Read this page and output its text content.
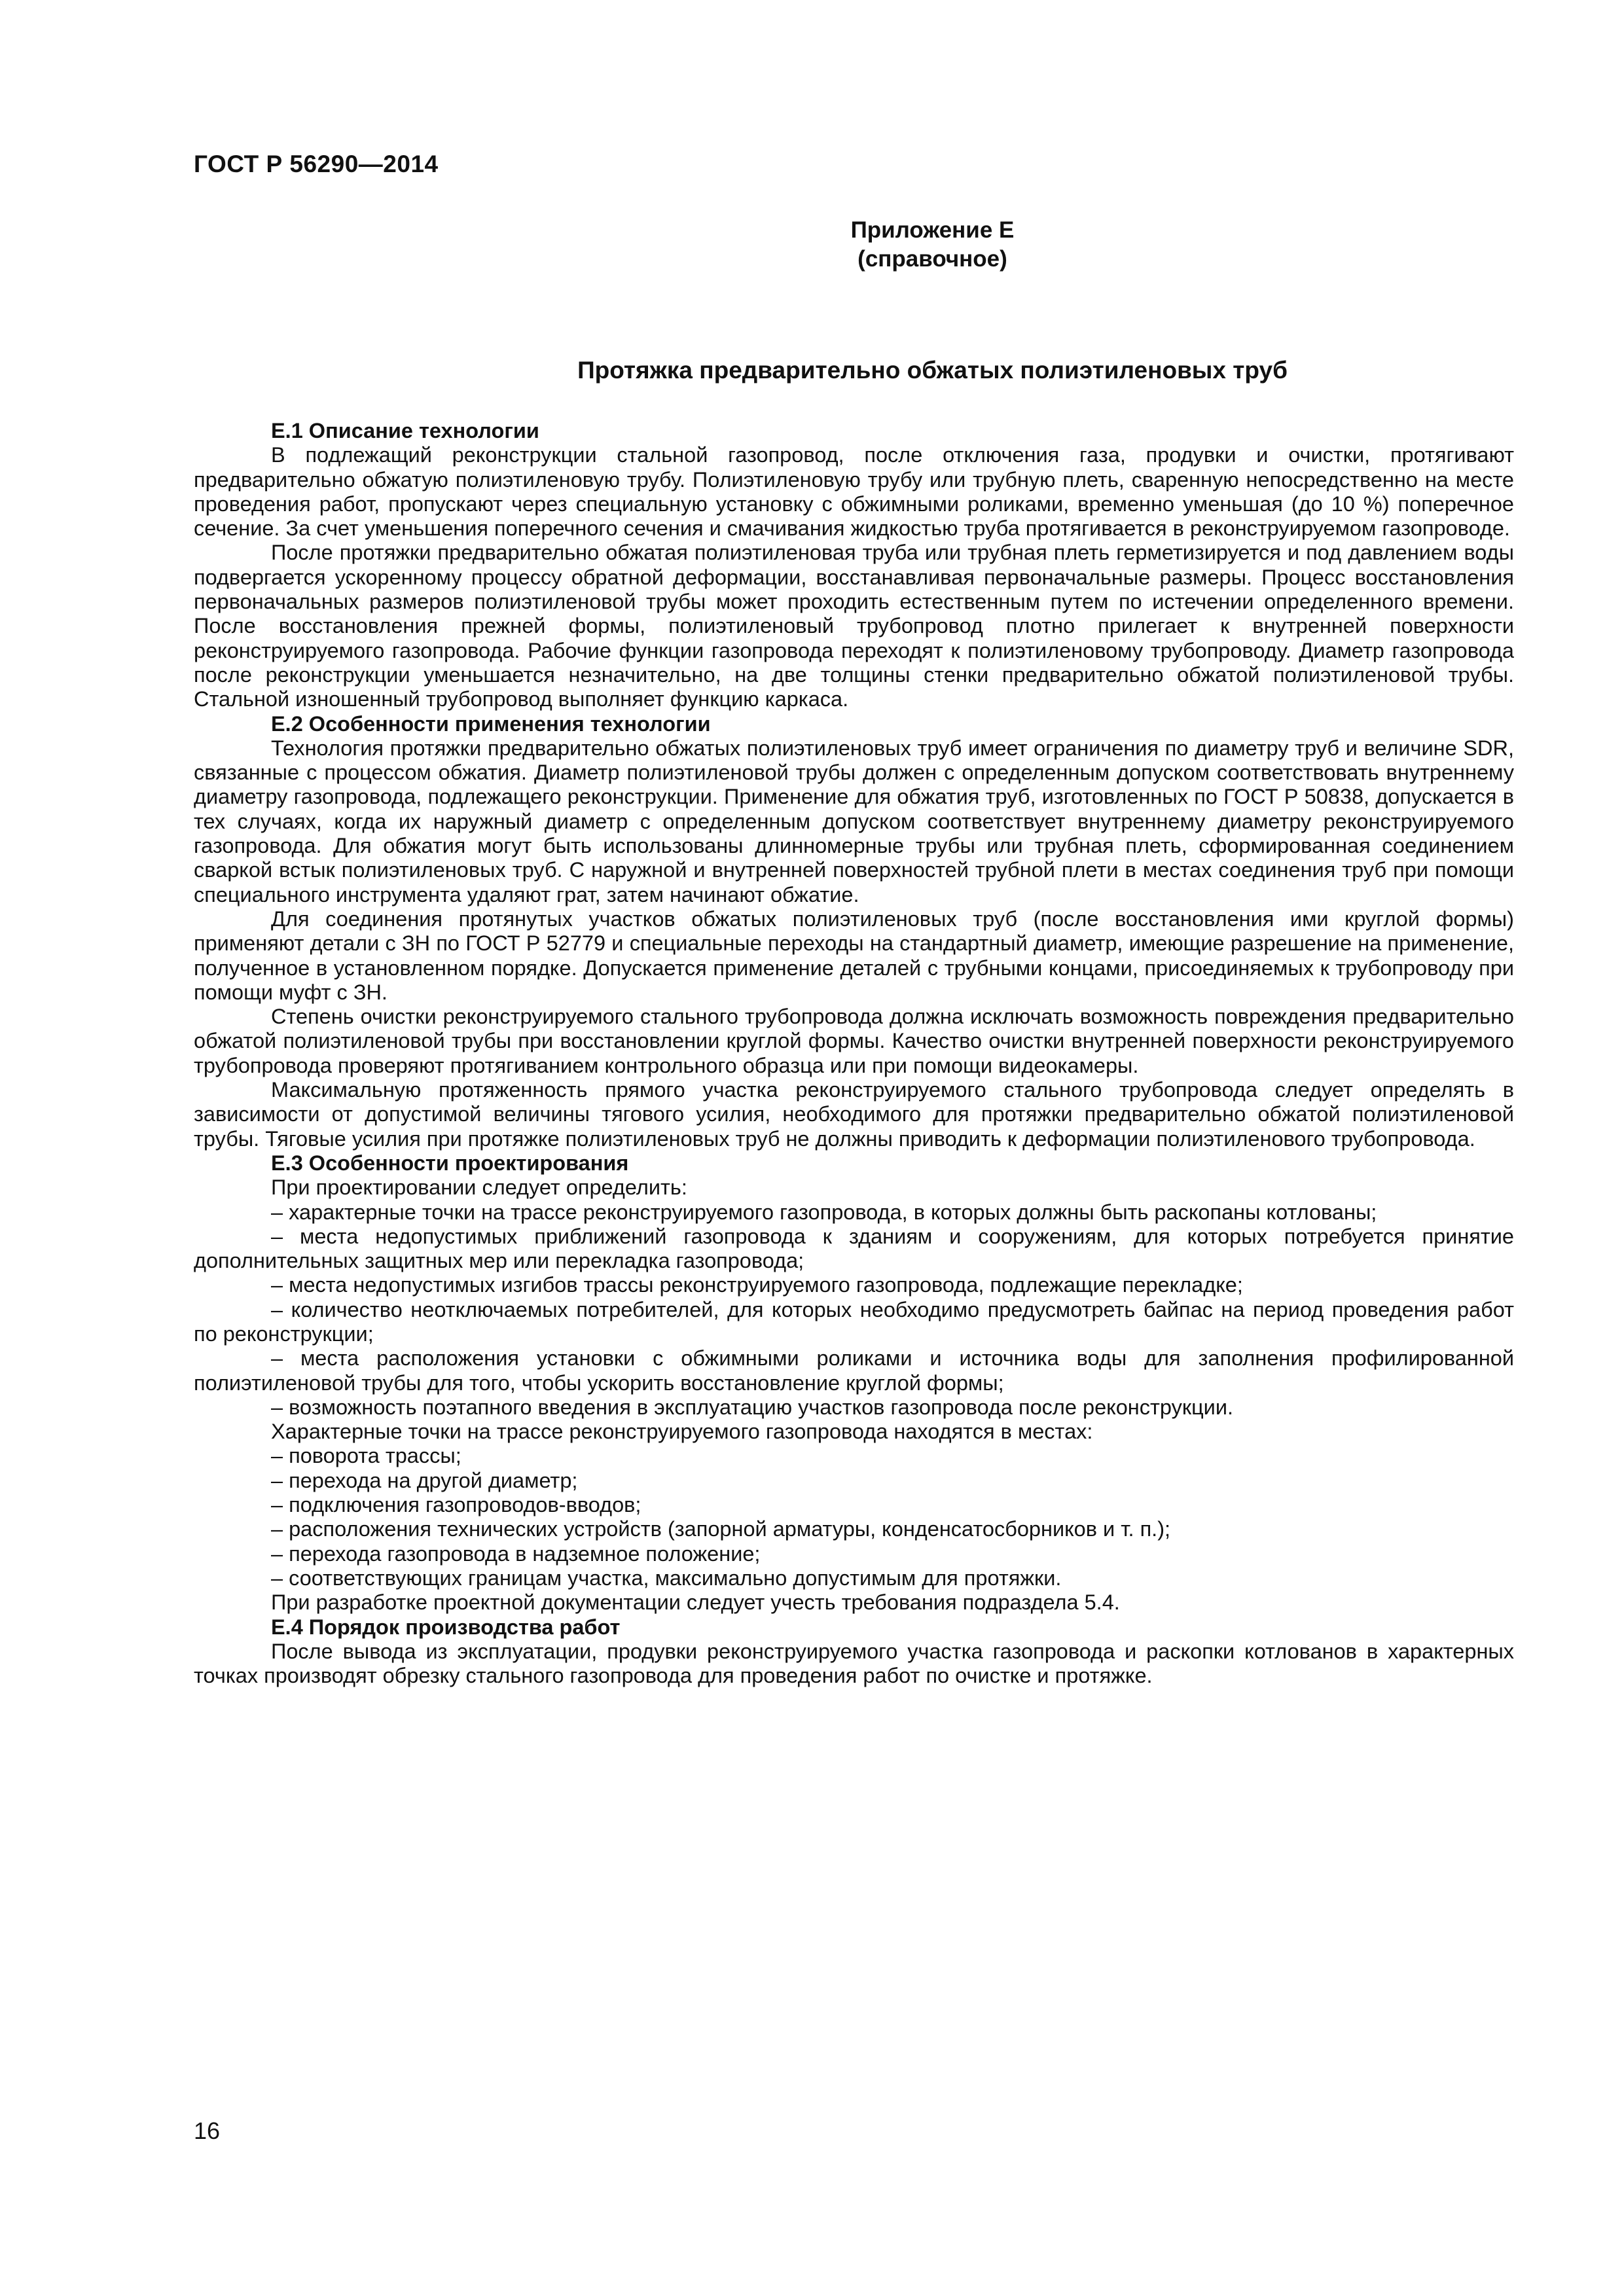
ГОСТ Р 56290—2014
Приложение Е
(справочное)
Протяжка предварительно обжатых полиэтиленовых труб
Е.1 Описание технологии

В подлежащий реконструкции стальной газопровод, после отключения газа, продувки и очистки, протягивают предварительно обжатую полиэтиленовую трубу. Полиэтиленовую трубу или трубную плеть, сваренную непосредственно на месте проведения работ, пропускают через специальную установку с обжимными роликами, временно уменьшая (до 10 %) поперечное сечение. За счет уменьшения поперечного сечения и смачивания жидкостью труба протягивается в реконструируемом газопроводе.

После протяжки предварительно обжатая полиэтиленовая труба или трубная плеть герметизируется и под давлением воды подвергается ускоренному процессу обратной деформации, восстанавливая первоначальные размеры. Процесс восстановления первоначальных размеров полиэтиленовой трубы может проходить естественным путем по истечении определенного времени. После восстановления прежней формы, полиэтиленовый трубопровод плотно прилегает к внутренней поверхности реконструируемого газопровода. Рабочие функции газопровода переходят к полиэтиленовому трубопроводу. Диаметр газопровода после реконструкции уменьшается незначительно, на две толщины стенки предварительно обжатой полиэтиленовой трубы. Стальной изношенный трубопровод выполняет функцию каркаса.

Е.2 Особенности применения технологии

Технология протяжки предварительно обжатых полиэтиленовых труб имеет ограничения по диаметру труб и величине SDR, связанные с процессом обжатия. Диаметр полиэтиленовой трубы должен с определенным допуском соответствовать внутреннему диаметру газопровода, подлежащего реконструкции. Применение для обжатия труб, изготовленных по ГОСТ Р 50838, допускается в тех случаях, когда их наружный диаметр с определенным допуском соответствует внутреннему диаметру реконструируемого газопровода. Для обжатия могут быть использованы длинномерные трубы или трубная плеть, сформированная соединением сваркой встык полиэтиленовых труб. С наружной и внутренней поверхностей трубной плети в местах соединения труб при помощи специального инструмента удаляют грат, затем начинают обжатие.

Для соединения протянутых участков обжатых полиэтиленовых труб (после восстановления ими круглой формы) применяют детали с ЗН по ГОСТ Р 52779 и специальные переходы на стандартный диаметр, имеющие разрешение на применение, полученное в установленном порядке. Допускается применение деталей с трубными концами, присоединяемых к трубопроводу при помощи муфт с ЗН.

Степень очистки реконструируемого стального трубопровода должна исключать возможность повреждения предварительно обжатой полиэтиленовой трубы при восстановлении круглой формы. Качество очистки внутренней поверхности реконструируемого трубопровода проверяют протягиванием контрольного образца или при помощи видеокамеры.

Максимальную протяженность прямого участка реконструируемого стального трубопровода следует определять в зависимости от допустимой величины тягового усилия, необходимого для протяжки предварительно обжатой полиэтиленовой трубы. Тяговые усилия при протяжке полиэтиленовых труб не должны приводить к деформации полиэтиленового трубопровода.

Е.3 Особенности проектирования

При проектировании следует определить:

– характерные точки на трассе реконструируемого газопровода, в которых должны быть раскопаны котлованы;

– места недопустимых приближений газопровода к зданиям и сооружениям, для которых потребуется принятие дополнительных защитных мер или перекладка газопровода;

– места недопустимых изгибов трассы реконструируемого газопровода, подлежащие перекладке;

– количество неотключаемых потребителей, для которых необходимо предусмотреть байпас на период проведения работ по реконструкции;

– места расположения установки с обжимными роликами и источника воды для заполнения профилированной полиэтиленовой трубы для того, чтобы ускорить восстановление круглой формы;

– возможность поэтапного введения в эксплуатацию участков газопровода после реконструкции.

Характерные точки на трассе реконструируемого газопровода находятся в местах:

– поворота трассы;

– перехода на другой диаметр;

– подключения газопроводов-вводов;

– расположения технических устройств (запорной арматуры, конденсатосборников и т. п.);

– перехода газопровода в надземное положение;

– соответствующих границам участка, максимально допустимым для протяжки.

При разработке проектной документации следует учесть требования подраздела 5.4.

Е.4 Порядок производства работ

После вывода из эксплуатации, продувки реконструируемого участка газопровода и раскопки котлованов в характерных точках производят обрезку стального газопровода для проведения работ по очистке и протяжке.

16
